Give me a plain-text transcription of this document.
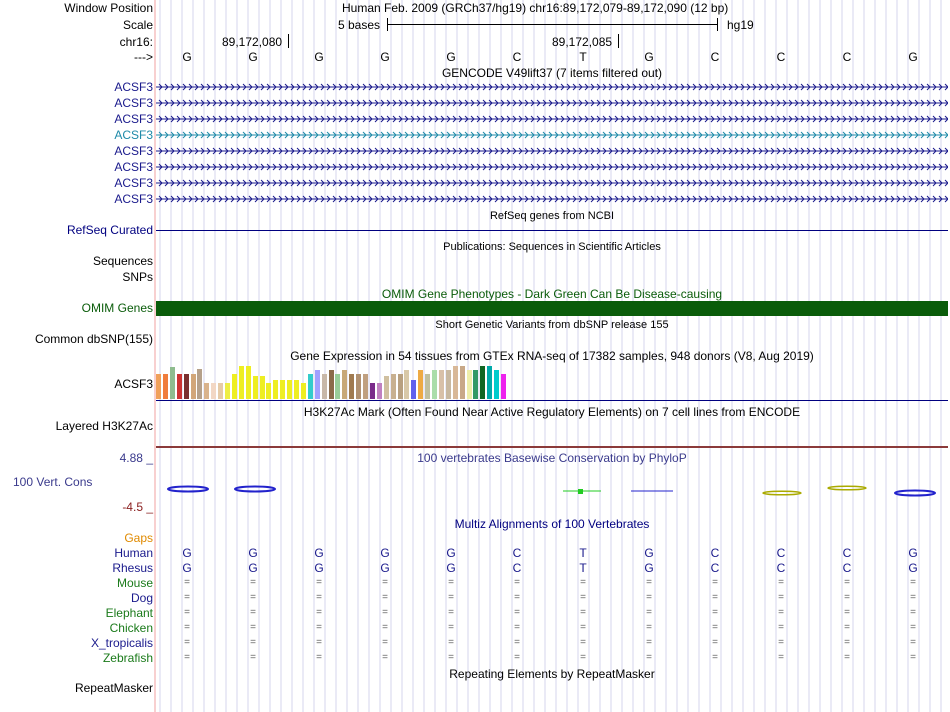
Window Position	Human Feb. 2009 (GRCh37/hg19) chr16:89,172,079-89,172,090 (12 bp)
Scale	5 bases	hg19
chr16:	89,172,080	89,172,085
---> G	G	G	G	G	C	T	G	C	C	C	G
GENCODE V49lift37 (7 items filtered out)
ACSF3
ACSF3
ACSF3
ACSF3
ACSF3
ACSF3
ACSF3
ACSF3
RefSeq genes from NCBI
RefSeq Curated
Publications: Sequences in Scientific Articles
Sequences
SNPs
OMIM Gene Phenotypes - Dark Green Can Be Disease-causing
OMIM Genes
Short Genetic Variants from dbSNP release 155
Common dbSNP(155)
Gene Expression in 54 tissues from GTEx RNA-seq of 17382 samples, 948 donors (V8, Aug 2019)
ACSF3
H3K27Ac Mark (Often Found Near Active Regulatory Elements) on 7 cell lines from ENCODE
Layered H3K27Ac
4.88 _	100 vertebrates Basewise Conservation by PhyloP
100 Vert. Cons
-4.5 _
Multiz Alignments of 100 Vertebrates
Gaps
Human G	G	G	G	G	C	T	G	C	C	C	G
Rhesus G	G	G	G	G	C	T	G	C	C	C	G
Mouse	=	=	=	=	=	=	=	=	=	=	=	=
Dog	=	=	=	=	=	=	=	=	=	=	=	=
Elephant	=	=	=	=	=	=	=	=	=	=	=	=
Chicken	=	=	=	=	=	=	=	=	=	=	=	=
X_tropicalis	=	=	=	=	=	=	=	=	=	=	=	=
Zebrafish	=	=	=	=	=	=	=	=	=	=	=	=
Repeating Elements by RepeatMasker
RepeatMasker
